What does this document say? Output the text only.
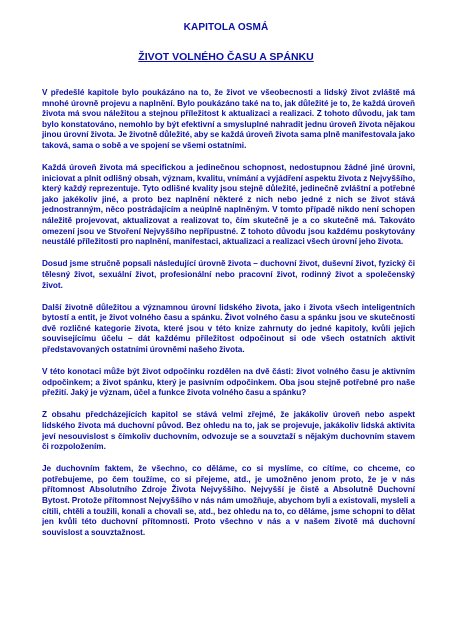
KAPITOLA OSMÁ
ŽIVOT VOLNÉHO ČASU A SPÁNKU

V předešlé kapitole bylo poukázáno na to, že život ve všeobecnosti a lidský život zvláště má mnohé úrovně projevu a naplnění. Bylo poukázáno také na to, jak důležité je to, že každá úroveň života má svou náležitou a stejnou příležitost k aktualizaci a realizaci. Z tohoto důvodu, jak tam bylo konstatováno, nemohlo by být efektivní a smysluplné nahradit jednu úroveň života nějakou jinou úrovní života. Je životně důležité, aby se každá úroveň života sama plně manifestovala jako taková, sama o sobě a ve spojení se všemi ostatními.

Každá úroveň života má specifickou a jedinečnou schopnost, nedostupnou žádné jiné úrovni, iniciovat a plnit odlišný obsah, význam, kvalitu, vnímání a vyjádření aspektu života z Nejvyššího, který každý reprezentuje. Tyto odlišné kvality jsou stejně důležité, jedinečně zvláštní a potřebné jako jakékoliv jiné, a proto bez naplnění některé z nich nebo jedné z nich se život stává jednostranným, něco postrádajícím a neúplně naplněným. V tomto případě nikdo není schopen náležitě projevovat, aktualizovat a realizovat to, čím skutečně je a co skutečně má. Takováto omezení jsou ve Stvoření Nejvyššího nepřípustné. Z tohoto důvodu jsou každému poskytovány neustálé příležitosti pro naplnění, manifestaci, aktualizaci a realizaci všech úrovní jeho života.

Dosud jsme stručně popsali následující úrovně života – duchovní život, duševní život, fyzický či tělesný život, sexuální život, profesionální nebo pracovní život, rodinný život a společenský život.

Další životně důležitou a významnou úrovní lidského života, jako i života všech inteligentních bytostí a entit, je život volného času a spánku. Život volného času a spánku jsou ve skutečnosti dvě rozličné kategorie života, které jsou v této knize zahrnuty do jedné kapitoly, kvůli jejich souvisejícímu účelu – dát každému příležitost odpočinout si ode všech ostatních aktivit představovaných ostatními úrovněmi našeho života.

V této konotaci může být život odpočinku rozdělen na dvě části: život volného času je aktivním odpočinkem; a život spánku, který je pasivním odpočinkem. Oba jsou stejně potřebné pro naše přežití. Jaký je význam, účel a funkce života volného času a spánku?

Z obsahu předcházejících kapitol se stává velmi zřejmé, že jakákoliv úroveň nebo aspekt lidského života má duchovní původ. Bez ohledu na to, jak se projevuje, jakákoliv lidská aktivita jeví nesouvislost s čímkoliv duchovním, odvozuje se a souvztaží s nějakým duchovním stavem či rozpoložením.

Je duchovním faktem, že všechno, co děláme, co si myslíme, co cítíme, co chceme, co potřebujeme, po čem toužíme, co si přejeme, atd., je umožněno jenom proto, že je v nás přítomnost Absolutního Zdroje Života Nejvyššího. Nejvyšší je čistě a Absolutně Duchovní Bytost. Protože přítomnost Nejvyššího v nás nám umožňuje, abychom byli a existovali, mysleli a cítili, chtěli a toužili, konali a chovali se, atd., bez ohledu na to, co děláme, jsme schopni to dělat jen kvůli této duchovní přítomnosti. Proto všechno v nás a v našem životě má duchovní souvislost a souvztažnost.
